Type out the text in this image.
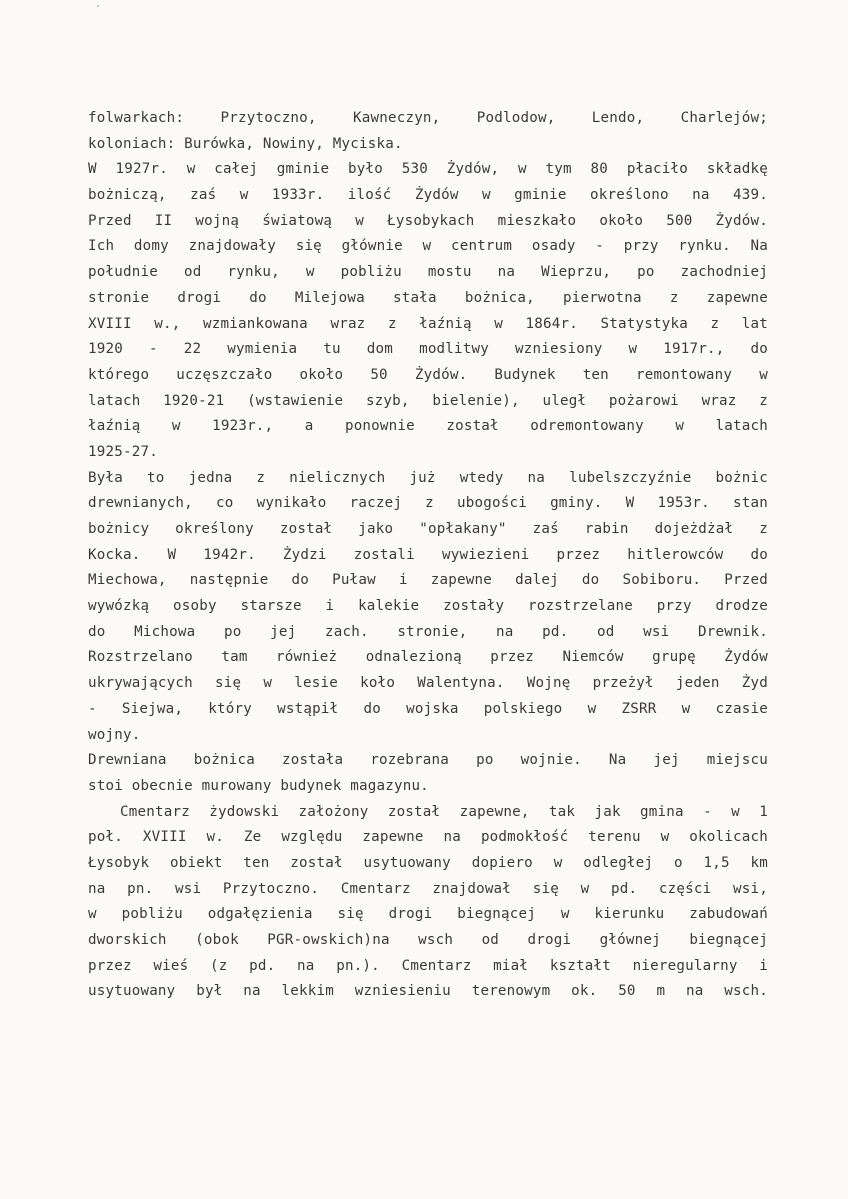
folwarkach: Przytoczno, Kawneczyn, Podlodow, Lendo, Charlejów;
koloniach: Burówka, Nowiny, Myciska.
W 1927r. w całej gminie było 530 Żydów, w tym 80 płaciło składkę
bożniczą, zaś w 1933r. ilość Żydów w gminie określono na 439.
Przed II wojną światową w Łysobykach mieszkało około 500 Żydów.
Ich domy znajdowały się głównie w centrum osady - przy rynku. Na
południe od rynku, w pobliżu mostu na Wieprzu, po zachodniej
stronie drogi do Milejowa stała bożnica, pierwotna z zapewne
XVIII w., wzmiankowana wraz z łaźnią w 1864r. Statystyka z lat
1920 - 22 wymienia tu dom modlitwy wzniesiony w 1917r., do
którego uczęszczało około 50 Żydów. Budynek ten remontowany w
latach 1920-21 (wstawienie szyb, bielenie), uległ pożarowi wraz z
łaźnią w 1923r., a ponownie został odremontowany w latach
1925-27.
Była to jedna z nielicznych już wtedy na lubelszczyźnie bożnic
drewnianych, co wynikało raczej z ubogości gminy. W 1953r. stan
bożnicy określony został jako "opłakany" zaś rabin dojeżdżał z
Kocka. W 1942r. Żydzi zostali wywiezieni przez hitlerowców do
Miechowa, następnie do Puław i zapewne dalej do Sobiboru. Przed
wywózką osoby starsze i kalekie zostały rozstrzelane przy drodze
do Michowa po jej zach. stronie, na pd. od wsi Drewnik.
Rozstrzelano tam również odnalezioną przez Niemców grupę Żydów
ukrywających się w lesie koło Walentyna. Wojnę przeżył jeden Żyd
- Siejwa, który wstąpił do wojska polskiego w ZSRR w czasie
wojny.
Drewniana bożnica została rozebrana po wojnie. Na jej miejscu
stoi obecnie murowany budynek magazynu.
Cmentarz żydowski założony został zapewne, tak jak gmina - w 1
poł. XVIII w. Ze względu zapewne na podmokłość terenu w okolicach
Łysobyk obiekt ten został usytuowany dopiero w odległej o 1,5 km
na pn. wsi Przytoczno. Cmentarz znajdował się w pd. części wsi,
w pobliżu odgałęzienia się drogi biegnącej w kierunku zabudowań
dworskich (obok PGR-owskich)na wsch od drogi głównej biegnącej
przez wieś (z pd. na pn.). Cmentarz miał kształt nieregularny i
usytuowany był na lekkim wzniesieniu terenowym ok. 50 m na wsch.
